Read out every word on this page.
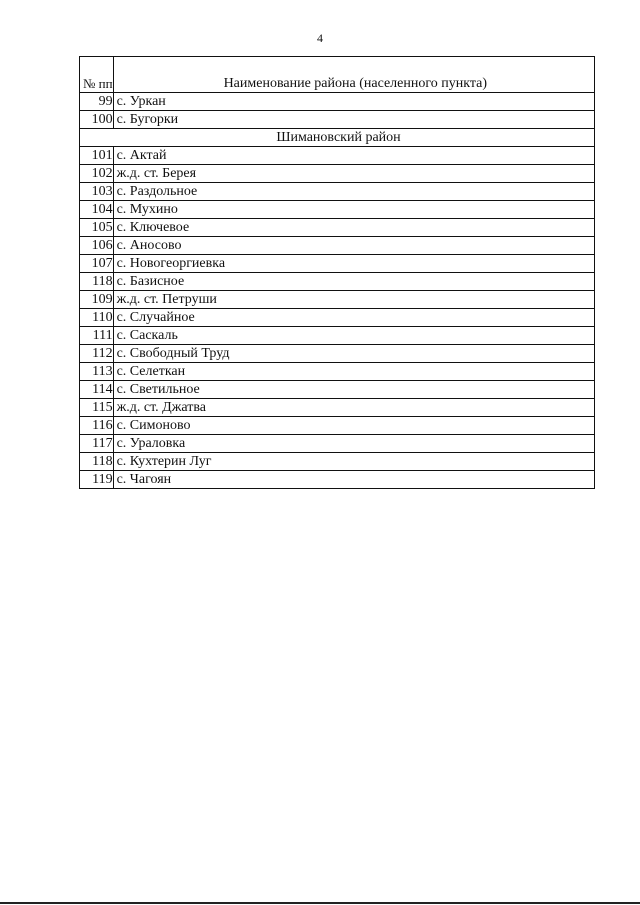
4
№ пп	Наименование района (населенного пункта)
99	с. Уркан
100	с. Бугорки
Шимановский район	
101	с. Актай
102	ж.д. ст. Берея
103	с. Раздольное
104	с. Мухино
105	с. Ключевое
106	с. Аносово
107	с. Новогеоргиевка
118	с. Базисное
109	ж.д. ст. Петруши
110	с. Случайное
111	с. Саскаль
112	с. Свободный Труд
113	с. Селеткан
114	с. Светильное
115	ж.д. ст. Джатва
116	с. Симоново
117	с. Ураловка
118	с. Кухтерин Луг
119	с. Чагоян
